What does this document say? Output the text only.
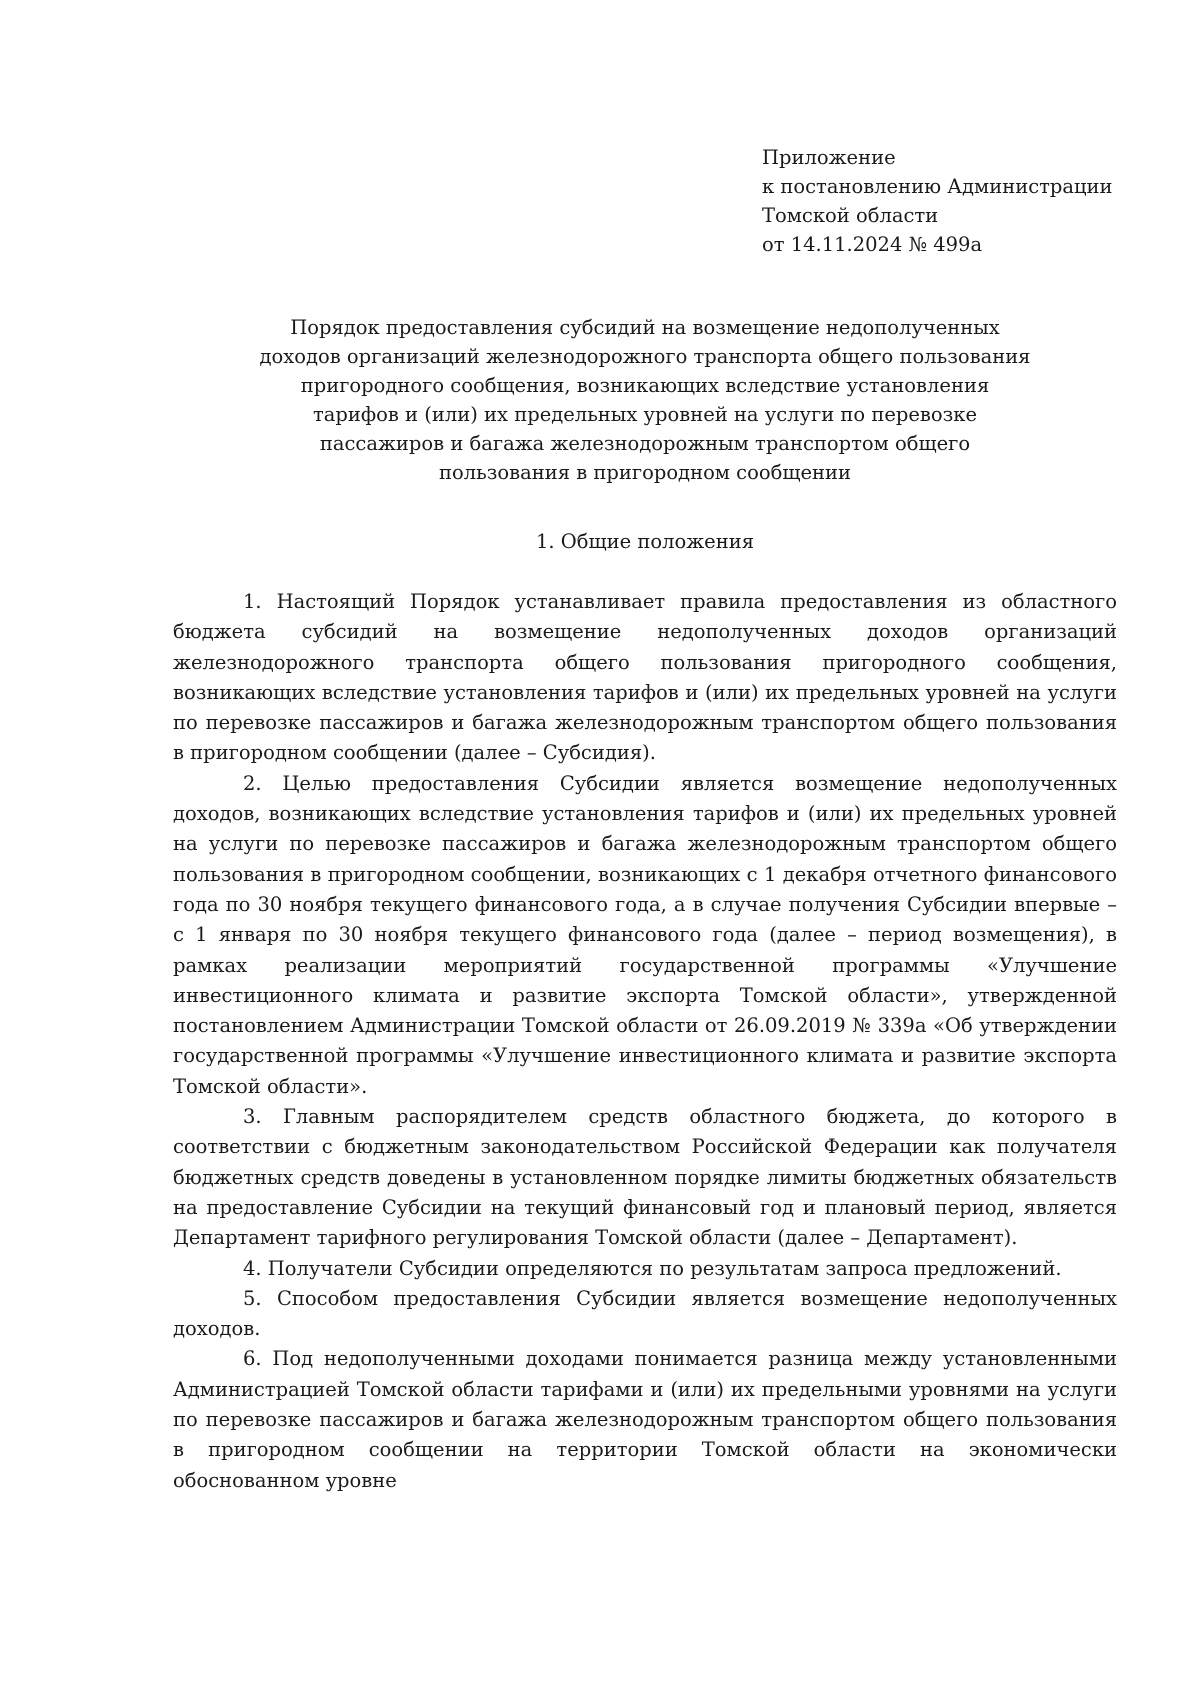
Приложение
к постановлению Администрации
Томской области
от 14.11.2024 № 499а
Порядок предоставления субсидий на возмещение недополученных
доходов организаций железнодорожного транспорта общего пользования
пригородного сообщения, возникающих вследствие установления
тарифов и (или) их предельных уровней на услуги по перевозке
пассажиров и багажа железнодорожным транспортом общего
пользования в пригородном сообщении
1. Общие положения

1. Настоящий Порядок устанавливает правила предоставления из областного бюджета субсидий на возмещение недополученных доходов организаций железнодорожного транспорта общего пользования пригородного сообщения, возникающих вследствие установления тарифов и (или) их предельных уровней на услуги по перевозке пассажиров и багажа железнодорожным транспортом общего пользования в пригородном сообщении (далее – Субсидия).

2. Целью предоставления Субсидии является возмещение недополученных доходов, возникающих вследствие установления тарифов и (или) их предельных уровней на услуги по перевозке пассажиров и багажа железнодорожным транспортом общего пользования в пригородном сообщении, возникающих с 1 декабря отчетного финансового года по 30 ноября текущего финансового года, а в случае получения Субсидии впервые – с 1 января по 30 ноября текущего финансового года (далее – период возмещения), в рамках реализации мероприятий государственной программы «Улучшение инвестиционного климата и развитие экспорта Томской области», утвержденной постановлением Администрации Томской области от 26.09.2019 № 339а «Об утверждении государственной программы «Улучшение инвестиционного климата и развитие экспорта Томской области».

3. Главным распорядителем средств областного бюджета, до которого в соответствии с бюджетным законодательством Российской Федерации как получателя бюджетных средств доведены в установленном порядке лимиты бюджетных обязательств на предоставление Субсидии на текущий финансовый год и плановый период, является Департамент тарифного регулирования Томской области (далее – Департамент).

4. Получатели Субсидии определяются по результатам запроса предложений.

5. Способом предоставления Субсидии является возмещение недополученных доходов.

6. Под недополученными доходами понимается разница между установленными Администрацией Томской области тарифами и (или) их предельными уровнями на услуги по перевозке пассажиров и багажа железнодорожным транспортом общего пользования в пригородном сообщении на территории Томской области на экономически обоснованном уровне
